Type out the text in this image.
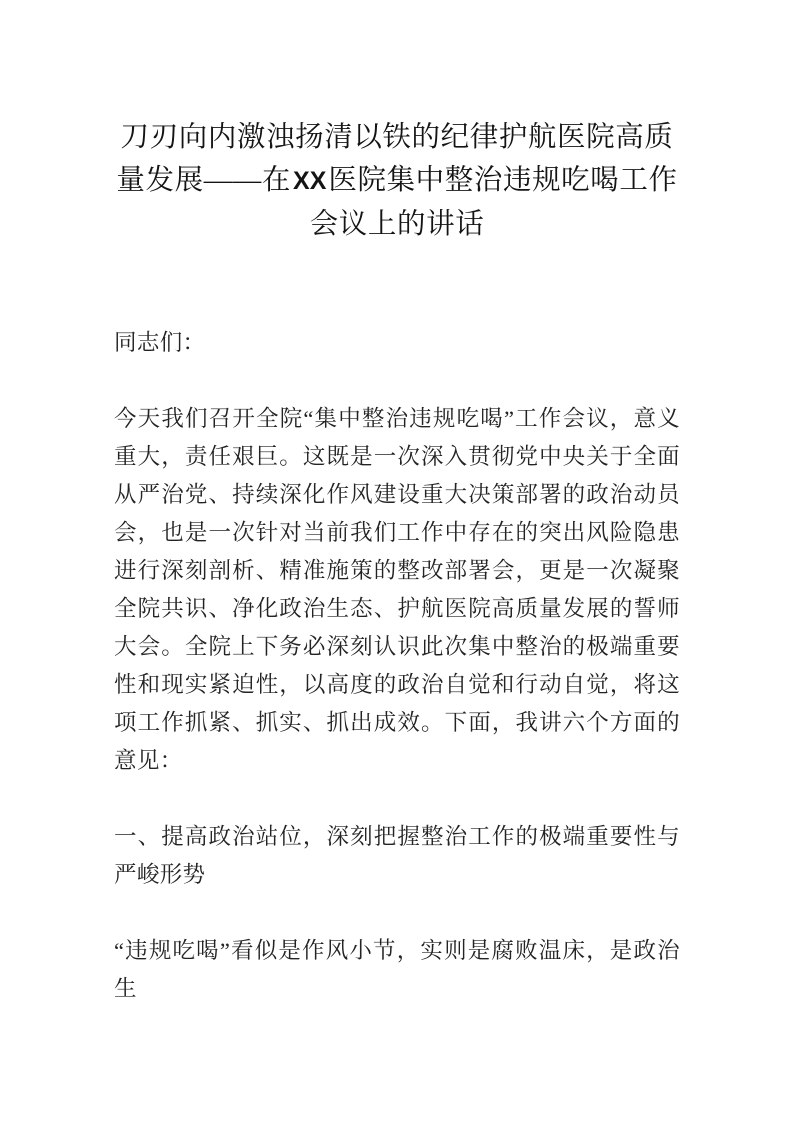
刀刃向内激浊扬清以铁的纪律护航医院高质量发展——在XX医院集中整治违规吃喝工作会议上的讲话

同志们：

今天我们召开全院“集中整治违规吃喝”工作会议，意义重大，责任艰巨。这既是一次深入贯彻党中央关于全面从严治党、持续深化作风建设重大决策部署的政治动员会，也是一次针对当前我们工作中存在的突出风险隐患进行深刻剖析、精准施策的整改部署会，更是一次凝聚全院共识、净化政治生态、护航医院高质量发展的誓师大会。全院上下务必深刻认识此次集中整治的极端重要性和现实紧迫性，以高度的政治自觉和行动自觉，将这项工作抓紧、抓实、抓出成效。下面，我讲六个方面的意见：

一、提高政治站位，深刻把握整治工作的极端重要性与严峻形势

“违规吃喝”看似是作风小节，实则是腐败温床，是政治生
